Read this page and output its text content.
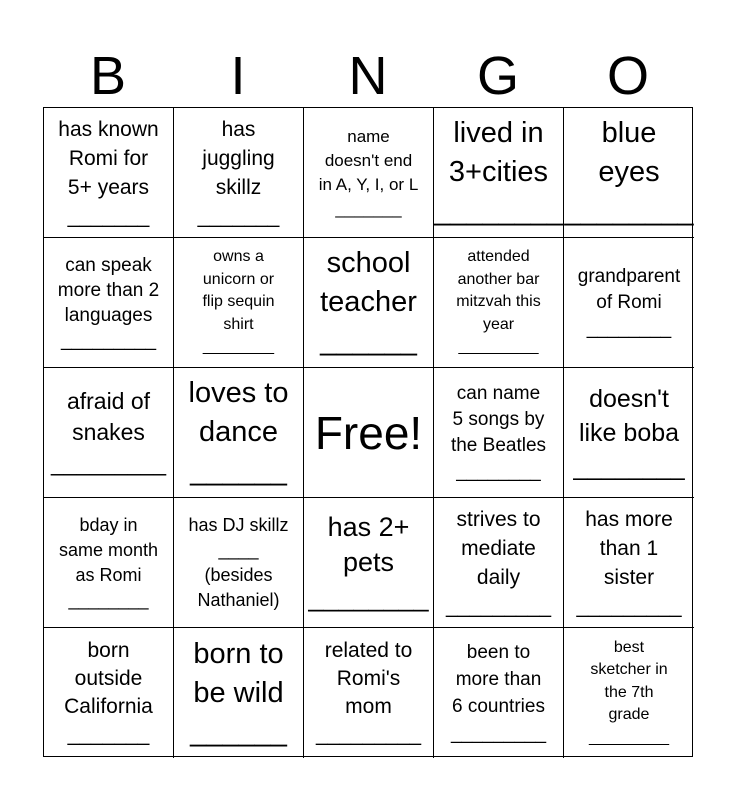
B	I	N	G	O
has known
Romi for
5+ years
_______
has
juggling
skillz
_______
name
doesn't end
in A, Y, I, or L
_______
lived in
3+cities
________
blue
eyes
________
can speak
more than 2
languages
_________
owns a
unicorn or
flip sequin
shirt
________
school
teacher
______
attended
another bar
mitzvah this
year
_________
grandparent
of Romi
________
afraid of
snakes
_________
loves to
dance
______
Free!
can name
5 songs by
the Beatles
________
doesn't
like boba
________
bday in
same month
as Romi
________
has DJ skillz
____
(besides
Nathaniel)
has 2+
pets
________
strives to
mediate
daily
_________
has more
than 1
sister
_________
born
outside
California
_______
born to
be wild
______
related to
Romi's
mom
_________
been to
more than
6 countries
_________
best
sketcher in
the 7th
grade
_________
